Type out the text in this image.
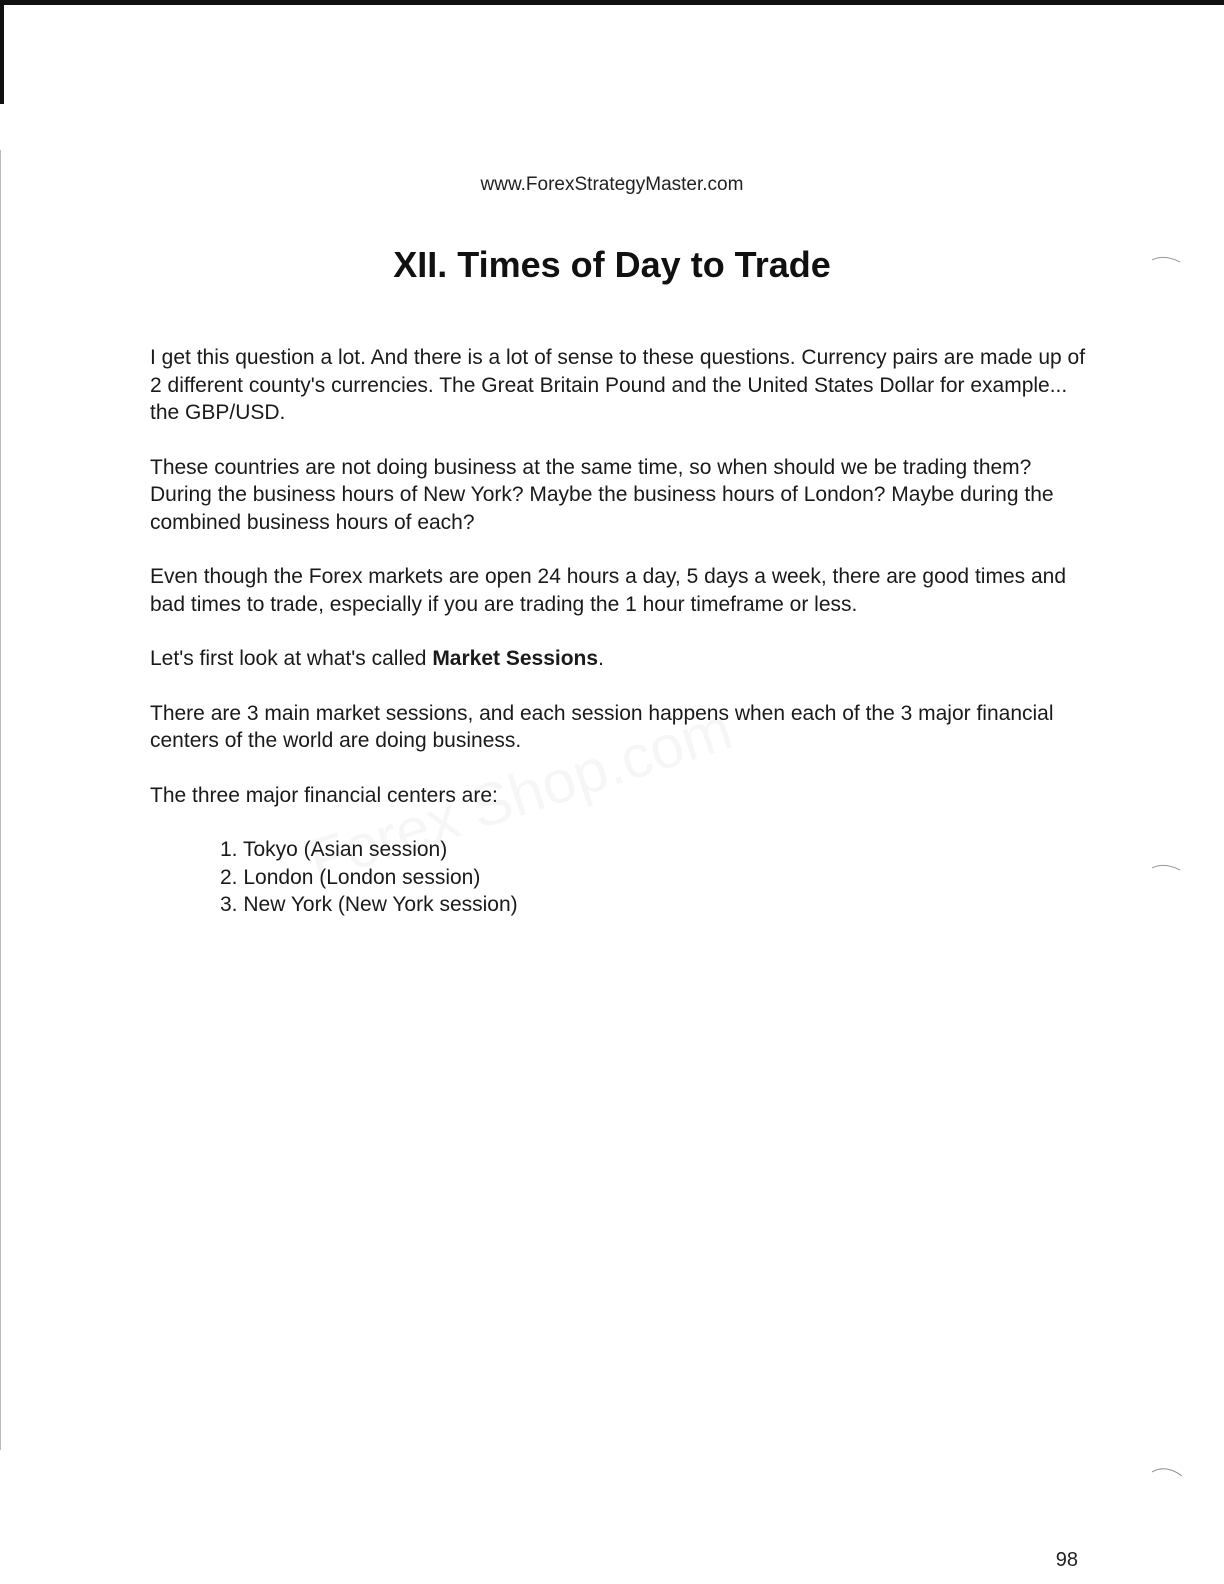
www.ForexStrategyMaster.com
XII. Times of Day to Trade

I get this question a lot. And there is a lot of sense to these questions. Currency pairs are made up of 2 different county's currencies. The Great Britain Pound and the United States Dollar for example... the GBP/USD.

These countries are not doing business at the same time, so when should we be trading them? During the business hours of New York? Maybe the business hours of London? Maybe during the combined business hours of each?

Even though the Forex markets are open 24 hours a day, 5 days a week, there are good times and bad times to trade, especially if you are trading the 1 hour timeframe or less.

Let's first look at what's called Market Sessions.

There are 3 main market sessions, and each session happens when each of the 3 major financial centers of the world are doing business.

The three major financial centers are:

1. Tokyo (Asian session)
2. London (London session)
3. New York (New York session)
98
